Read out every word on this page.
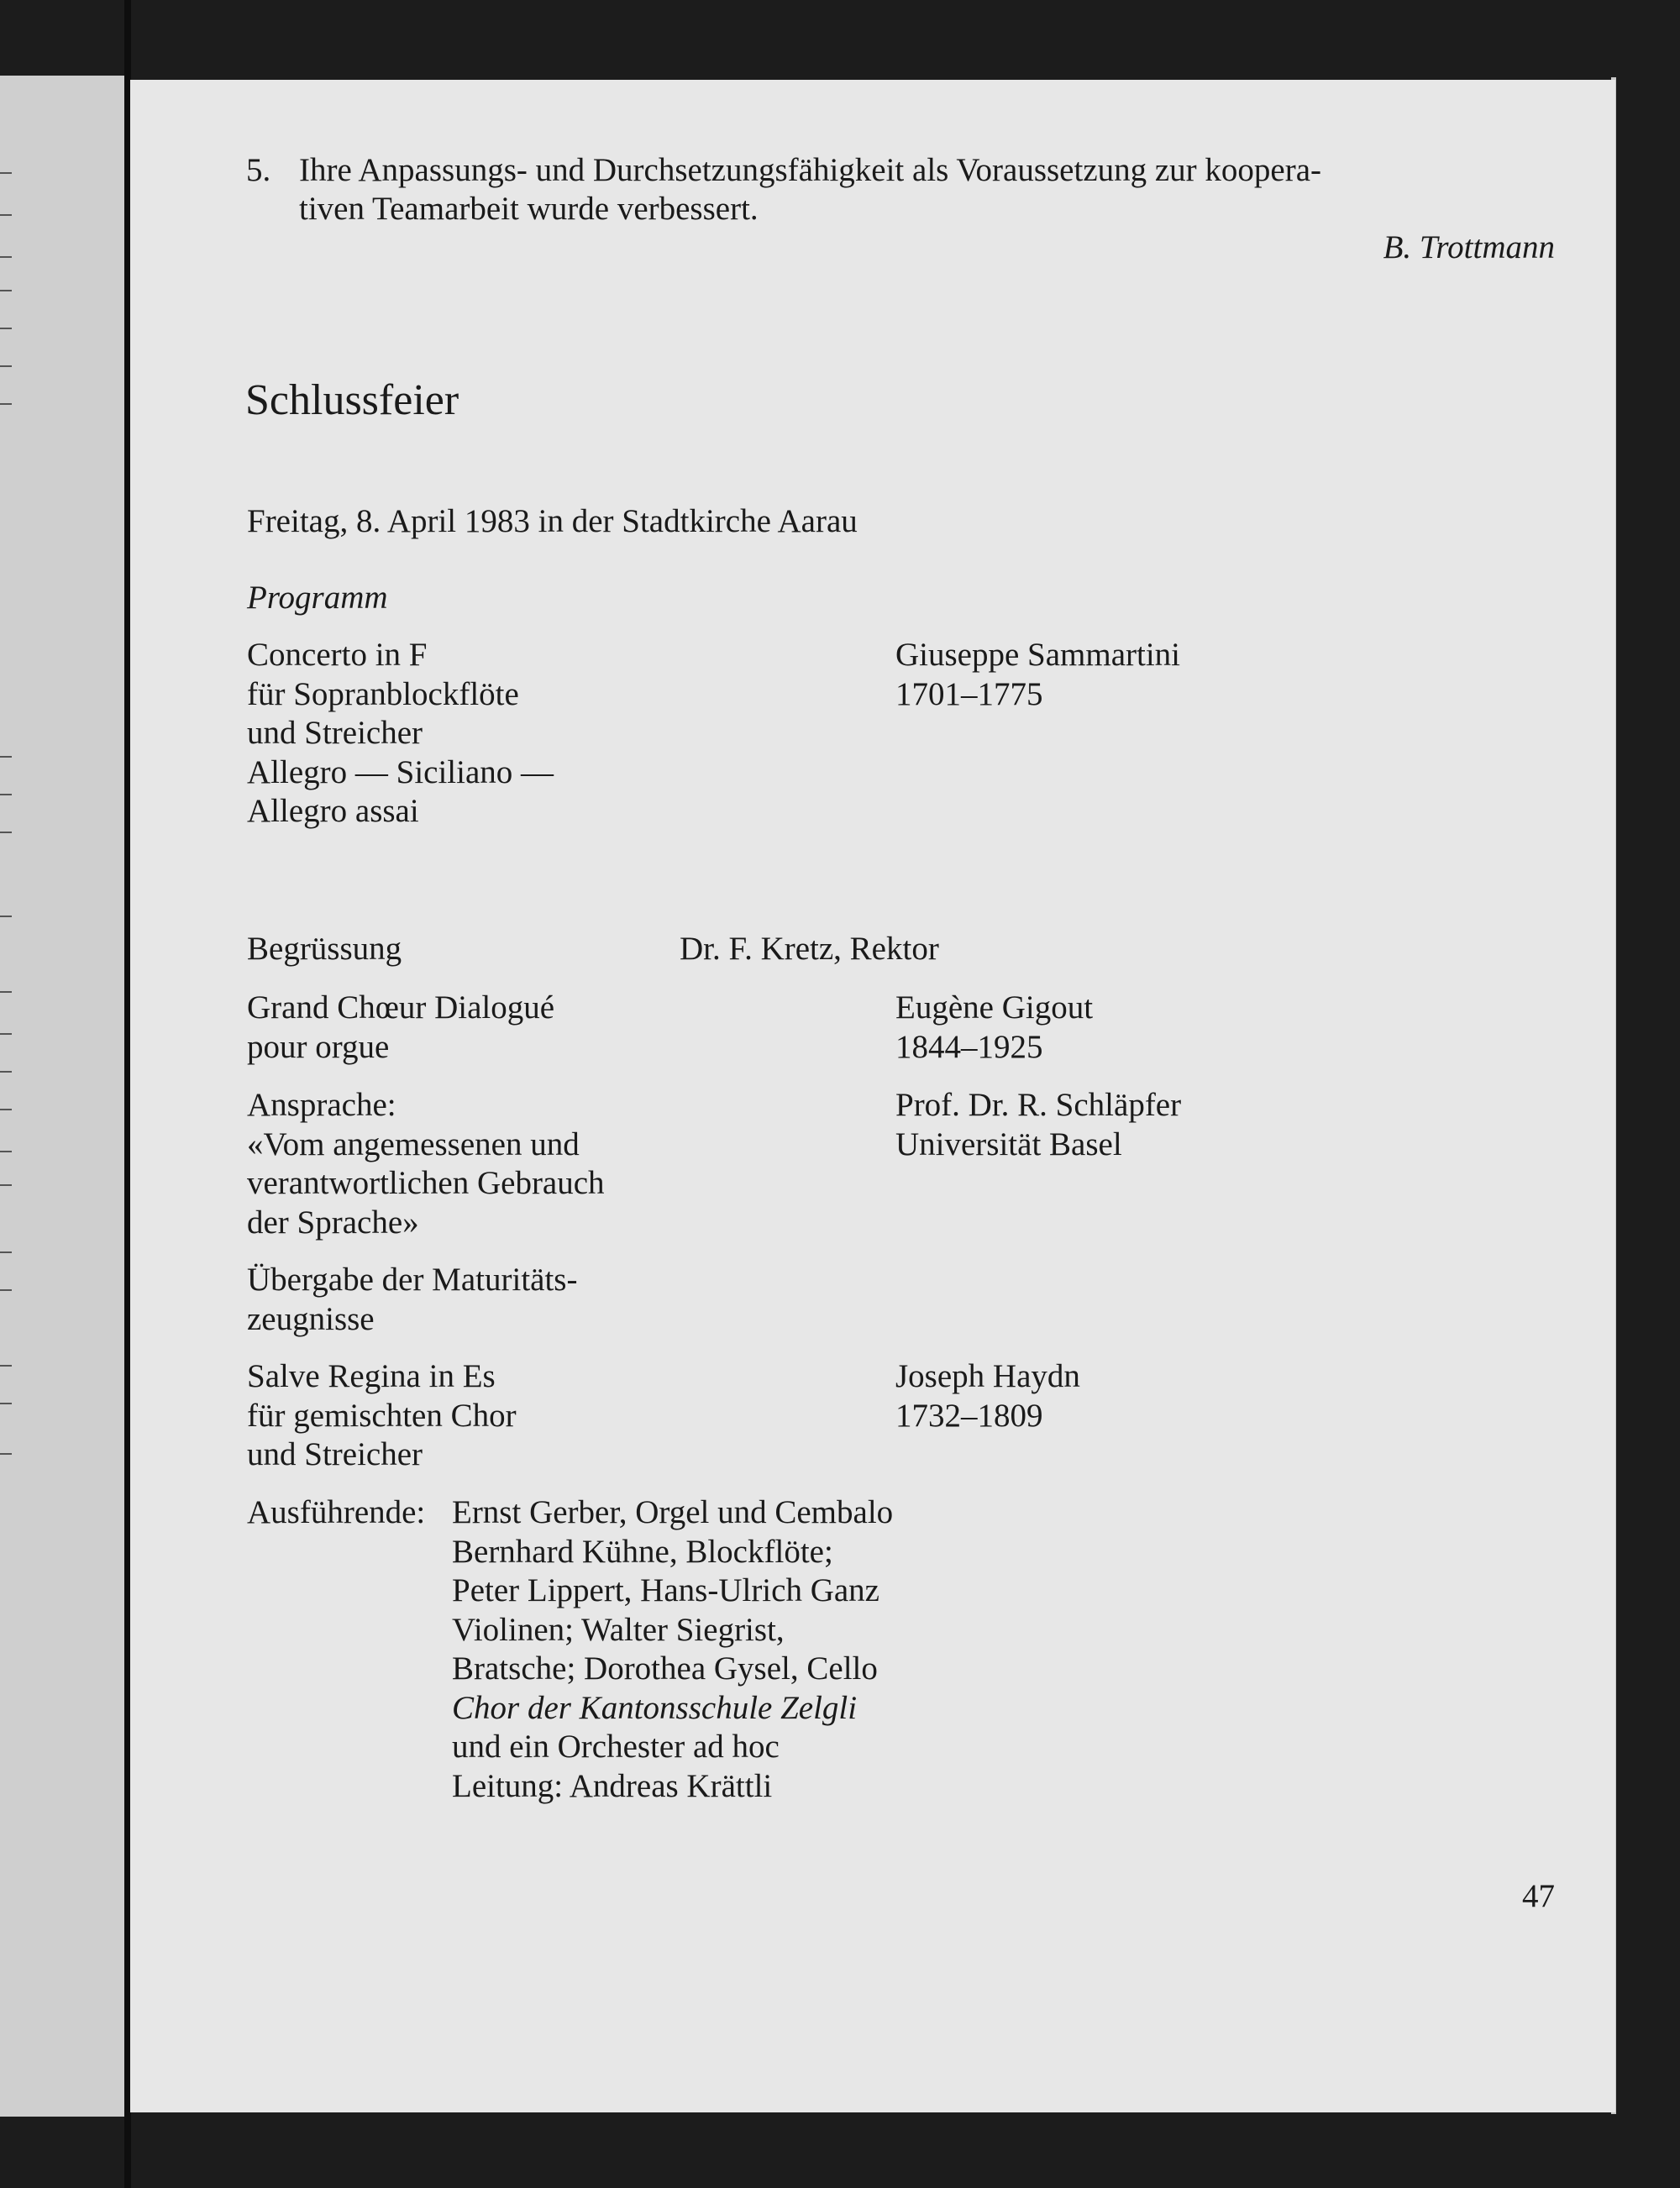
5. Ihre Anpassungs- und Durchsetzungsfähigkeit als Voraussetzung zur koopera-
tiven Teamarbeit wurde verbessert.
B. Trottmann
Schlussfeier
Freitag, 8. April 1983 in der Stadtkirche Aarau
Programm
Concerto in F
für Sopranblockflöte
und Streicher
Allegro — Siciliano —
Allegro assai
Giuseppe Sammartini
1701–1775
Begrüssung	Dr. F. Kretz, Rektor
Grand Chœur Dialogué
pour orgue
Eugène Gigout
1844–1925
Ansprache:
«Vom angemessenen und
verantwortlichen Gebrauch
der Sprache»
Prof. Dr. R. Schläpfer
Universität Basel
Übergabe der Maturitäts-
zeugnisse
Salve Regina in Es
für gemischten Chor
und Streicher
Joseph Haydn
1732–1809
Ausführende: Ernst Gerber, Orgel und Cembalo
Bernhard Kühne, Blockflöte;
Peter Lippert, Hans-Ulrich Ganz
Violinen; Walter Siegrist,
Bratsche; Dorothea Gysel, Cello
Chor der Kantonsschule Zelgli
und ein Orchester ad hoc
Leitung: Andreas Krättli
47
